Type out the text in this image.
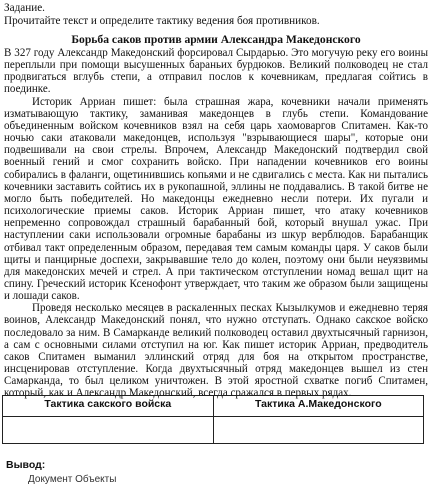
Задание.

Прочитайте текст и определите тактику ведения боя противников.

Борьба саков против армии Александра Македонского

В 327 году Александр Македонский форсировал Сырдарью. Это могучую реку его воины переплыли при помощи высушенных бараньих бурдюков. Великий полководец не стал продвигаться вглубь степи, а отправил послов к кочевникам, предлагая сойтись в поединке.

Историк Арриан пишет: была страшная жара, кочевники начали применять изматывающую тактику, заманивая македонцев в глубь степи. Командование объединенным войском кочевников взял на себя царь хаомоваргов Спитамен. Как-то ночью саки атаковали македонцев, используя "взрывающиеся шары", которые они подвешивали на свои стрелы. Впрочем, Александр Македонский подтвердил свой военный гений и смог сохранить войско. При нападении кочевников его воины собирались в фаланги, ощетинившись копьями и не сдвигались с места. Как ни пытались кочевники заставить сойтись их в рукопашной, эллины не поддавались. В такой битве не могло быть победителей. Но македонцы ежедневно несли потери. Их пугали и психологические приемы саков. Историк Арриан пишет, что атаку кочевников непременно сопровождал страшный барабанный бой, который внушал ужас. При наступлении саки использовали огромные барабаны из шкур верблюдов. Барабанщик отбивал такт определенным образом, передавая тем самым команды царя. У саков были щиты и панцирные доспехи, закрывавшие тело до колен, поэтому они были неуязвимы для македонских мечей и стрел. А при тактическом отступлении номад вешал щит на спину. Греческий историк Ксенофонт утверждает, что таким же образом были защищены и лошади саков.

Проведя несколько месяцев в раскаленных песках Кызылкумов и ежедневно теряя воинов, Александр Македонский понял, что нужно отступать. Однако сакское войско последовало за ним. В Самарканде великий полководец оставил двухтысячный гарнизон, а сам с основными силами отступил на юг. Как пишет историк Арриан, предводитель саков Спитамен выманил эллинский отряд для боя на открытом пространстве, инсценировав отступление. Когда двухтысячный отряд македонцев вышел из стен Самарканда, то был целиком уничтожен. В этой яростной схватке погиб Спитамен, который, как и Александр Македонский, всегда сражался в первых рядах.

Тактика сакского войска	Тактика А.Македонского

Вывод:

Документ Объекты
